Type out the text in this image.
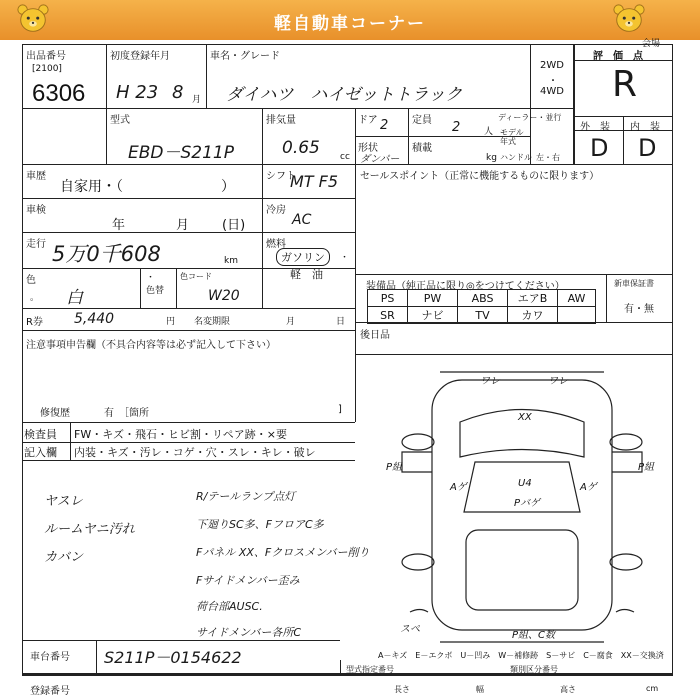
軽自動車コーナー
会場
出品番号
[2100]
6306
初度登録年月
H 23 8 月
車名・グレード
ダイハツ　ハイゼットトラック
2WD
・
4WD
評　価　点
R
型式
EBD－S211P
排気量
0.65 cc
ドア 2 定員 2	人
形状
ダンパー
積載
kg
ディーラー・並行
モデル年式
ハンドル 左・右
外　装 内　装
D D
車歴
自家用・（　　　　　　　）
シフト
MT F5
車検
年	月	(日)
冷房
AC
走行 5万0千608	km
燃料
ガソリン	・
軽　油
色
。 白	色替
・	色コード
W20
R券 5,440	円 名変期限	月	日
注意事項申告欄（不具合内容等は必ず記入して下さい）
修復歴	有　［箇所	]
検査員 FW・キズ・飛石・ヒビ割・リペア跡・×要
記入欄 内装・キズ・汚レ・コゲ・穴・スレ・キレ・破レ
セールスポイント（正常に機能するものに限ります）
装備品（純正品に限り◎をつけてください）	新車保証書
有・無
PS	PW	ABS	エアB	AW
SR	ナビ	TV	カワ	
後日品
ワレ	ワレ
XX
P組	P組
Aゲ	Aゲ
U4
Pバゲ
スペ
P組、C数
A－キズ　E－エクボ　U－凹み　W－補修跡　S－サビ　C－腐食　XX－交換済
ヤスレ
ルームヤニ汚れ
カバン
R/テールランプ点灯
下廻りSC多、FフロアC多
Fパネル XX、Fクロスメンバー削り
Fサイドメンバー歪み
荷台部AUSC.
サイドメンバー各所C
車台番号 S211P－0154622
登録番号
型式指定番号	類別区分番号
長さ	幅	高さ	cm
